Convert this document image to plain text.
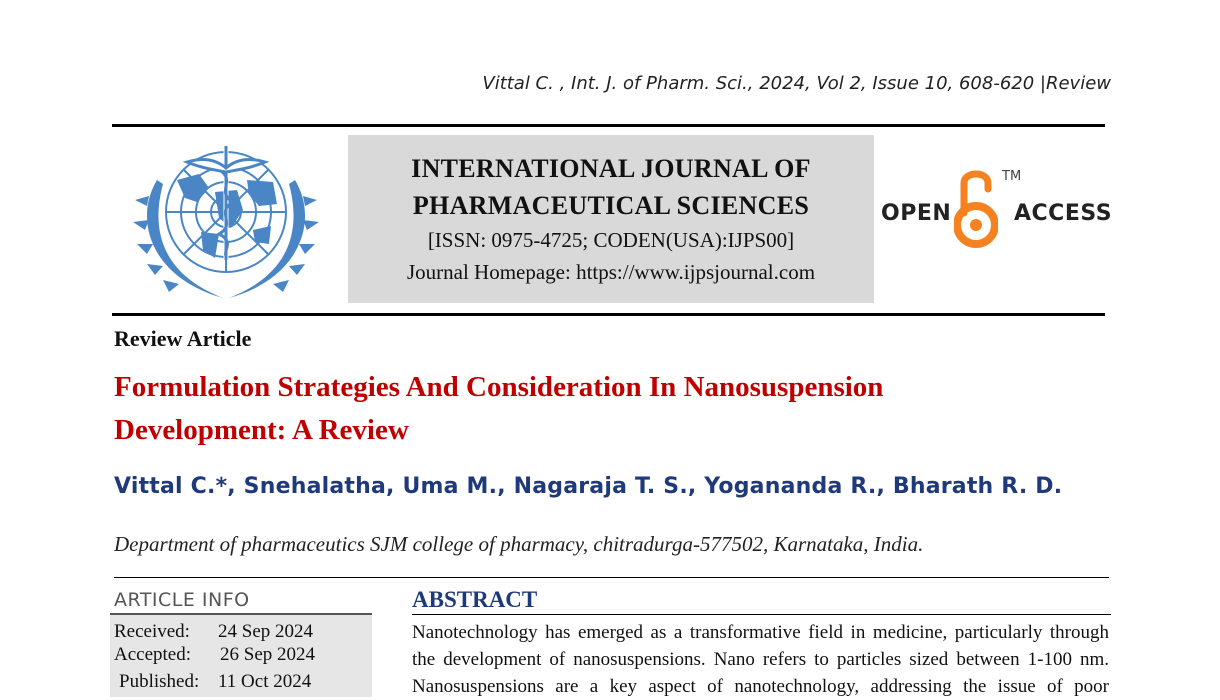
Vittal C. , Int. J. of Pharm. Sci., 2024, Vol 2, Issue 10, 608-620 |Review
INTERNATIONAL JOURNAL OF
PHARMACEUTICAL SCIENCES
[ISSN: 0975-4725; CODEN(USA):IJPS00]
Journal Homepage: https://www.ijpsjournal.com
OPEN
TM
ACCESS
Review Article
Formulation Strategies And Consideration In Nanosuspension
Development: A Review
Vittal C.*, Snehalatha, Uma M., Nagaraja T. S., Yogananda R., Bharath R. D.
Department of pharmaceutics SJM college of pharmacy, chitradurga-577502, Karnataka, India.
ARTICLE INFO
Received: 24 Sep 2024
Accepted: 26 Sep 2024
Published: 11 Oct 2024
ABSTRACT
Nanotechnology has emerged as a transformative field in medicine, particularly through
the development of nanosuspensions. Nano refers to particles sized between 1-100 nm.
Nanosuspensions are a key aspect of nanotechnology, addressing the issue of poor
